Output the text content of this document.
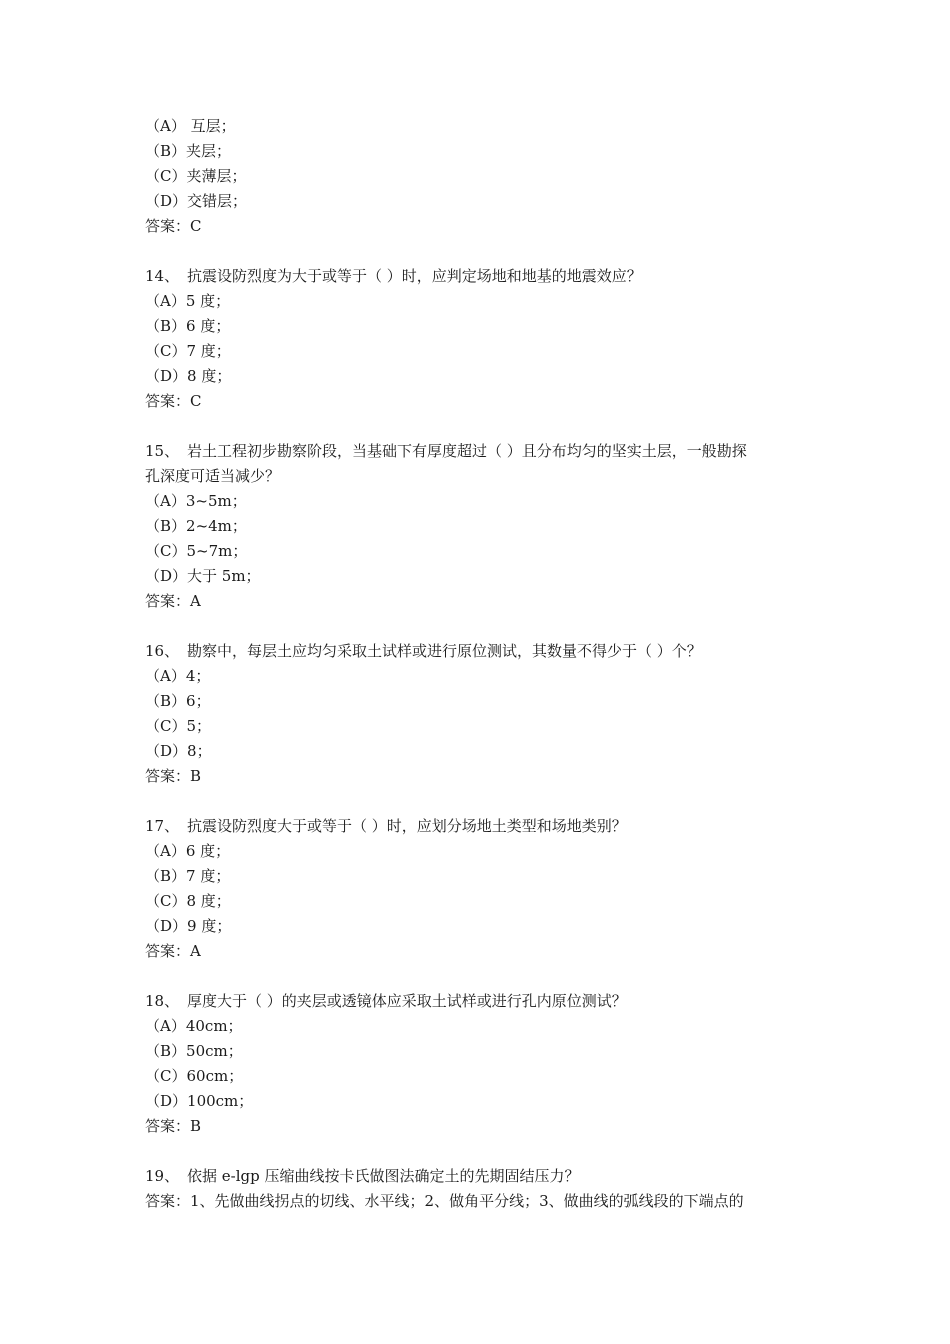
（A） 互层；
（B）夹层；
（C）夹薄层；
（D）交错层；
答案：C
14、 抗震设防烈度为大于或等于（ ）时，应判定场地和地基的地震效应？
（A）5 度；
（B）6 度；
（C）7 度；
（D）8 度；
答案：C
15、 岩土工程初步勘察阶段，当基础下有厚度超过（ ）且分布均匀的坚实土层，一般勘探
孔深度可适当减少？
（A）3~5m；
（B）2~4m；
（C）5~7m；
（D）大于 5m；
答案：A
16、 勘察中，每层土应均匀采取土试样或进行原位测试，其数量不得少于（ ）个？
（A）4；
（B）6；
（C）5；
（D）8；
答案：B
17、 抗震设防烈度大于或等于（ ）时，应划分场地土类型和场地类别？
（A）6 度；
（B）7 度；
（C）8 度；
（D）9 度；
答案：A
18、 厚度大于（ ）的夹层或透镜体应采取土试样或进行孔内原位测试？
（A）40cm；
（B）50cm；
（C）60cm；
（D）100cm；
答案：B
19、 依据 e-lgp 压缩曲线按卡氏做图法确定土的先期固结压力？
答案：1、先做曲线拐点的切线、水平线；2、做角平分线；3、做曲线的弧线段的下端点的
